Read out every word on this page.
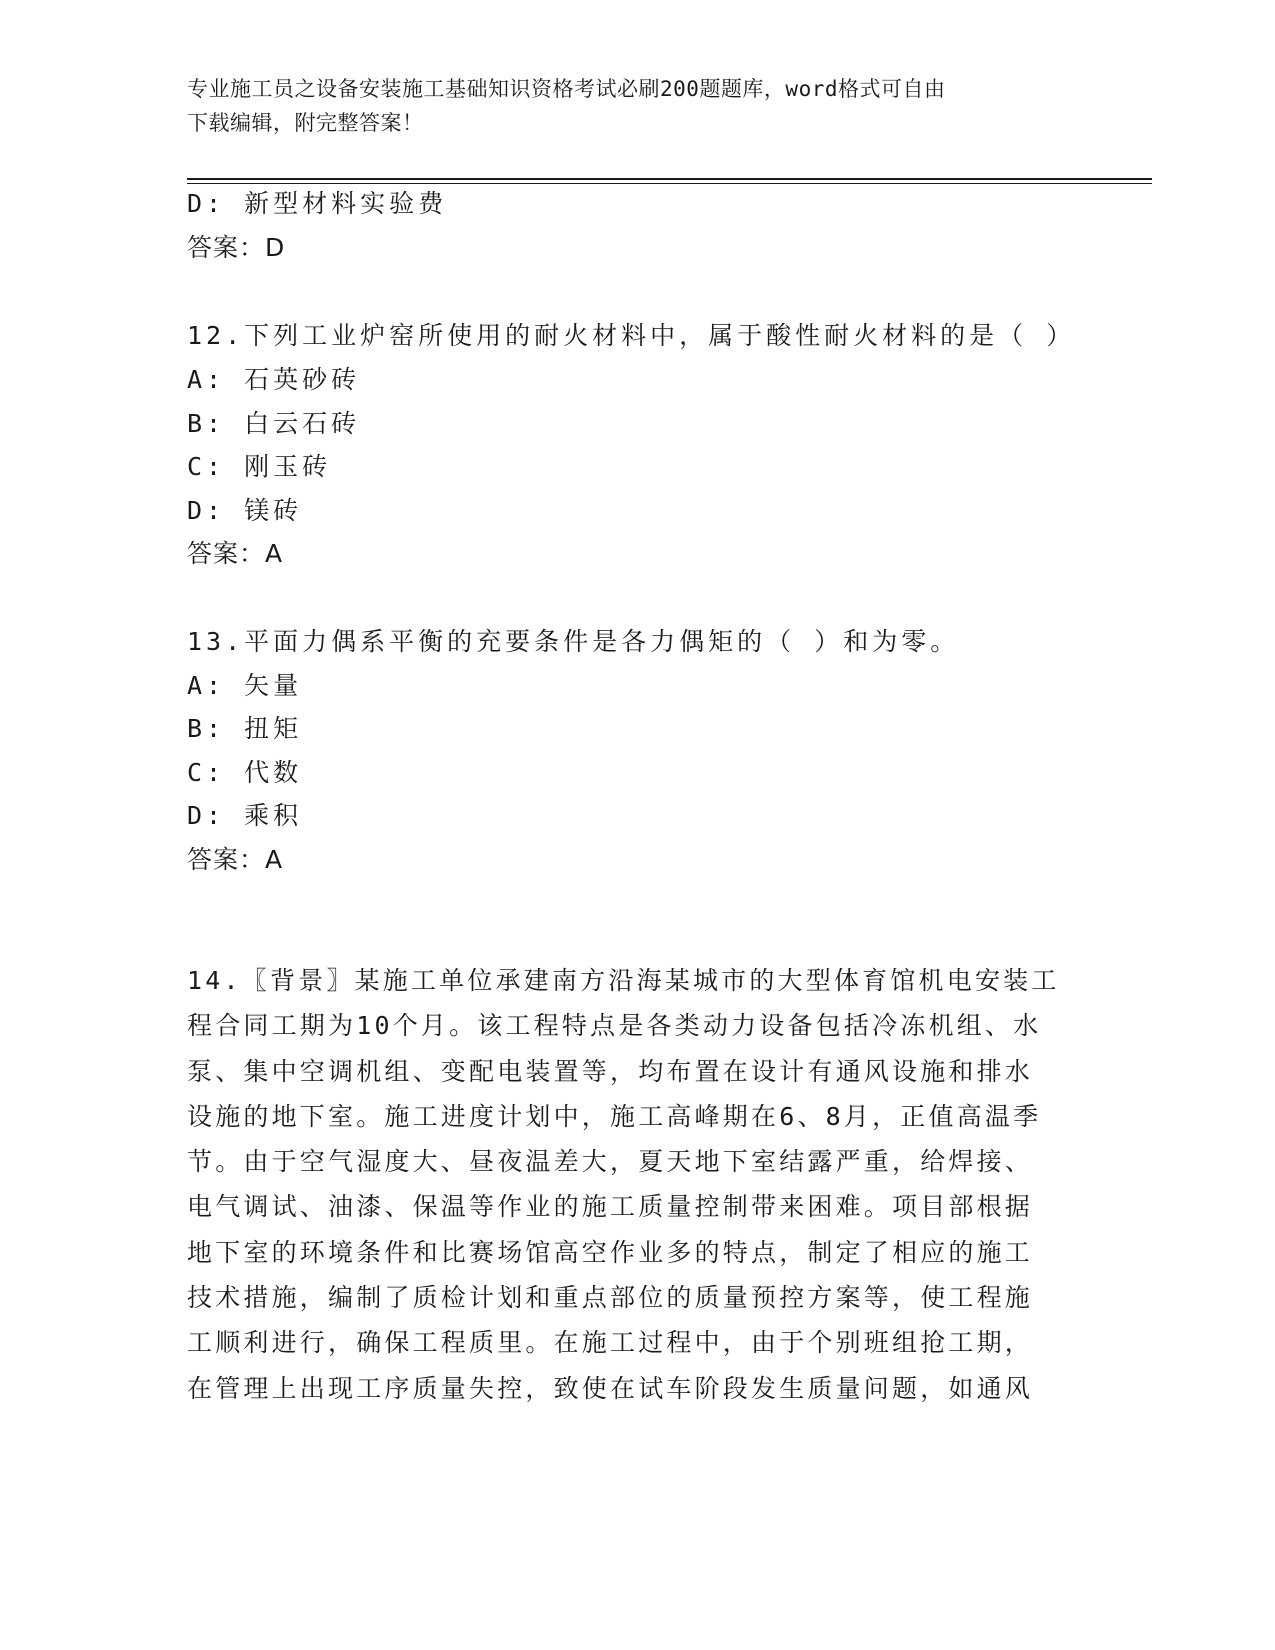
专业施工员之设备安装施工基础知识资格考试必刷200题题库，word格式可自由
下载编辑，附完整答案！
D: 新型材料实验费
答案：D
12.下列工业炉窑所使用的耐火材料中，属于酸性耐火材料的是（ ）
A: 石英砂砖
B: 白云石砖
C: 刚玉砖
D: 镁砖
答案：A
13.平面力偶系平衡的充要条件是各力偶矩的（ ）和为零。
A: 矢量
B: 扭矩
C: 代数
D: 乘积
答案：A
14.〖背景〗某施工单位承建南方沿海某城市的大型体育馆机电安装工
程合同工期为10个月。该工程特点是各类动力设备包括冷冻机组、水
泵、集中空调机组、变配电装置等，均布置在设计有通风设施和排水
设施的地下室。施工进度计划中，施工高峰期在6、8月，正值高温季
节。由于空气湿度大、昼夜温差大，夏天地下室结露严重，给焊接、
电气调试、油漆、保温等作业的施工质量控制带来困难。项目部根据
地下室的环境条件和比赛场馆高空作业多的特点，制定了相应的施工
技术措施，编制了质检计划和重点部位的质量预控方案等，使工程施
工顺利进行，确保工程质里。在施工过程中，由于个别班组抢工期，
在管理上出现工序质量失控，致使在试车阶段发生质量问题，如通风
